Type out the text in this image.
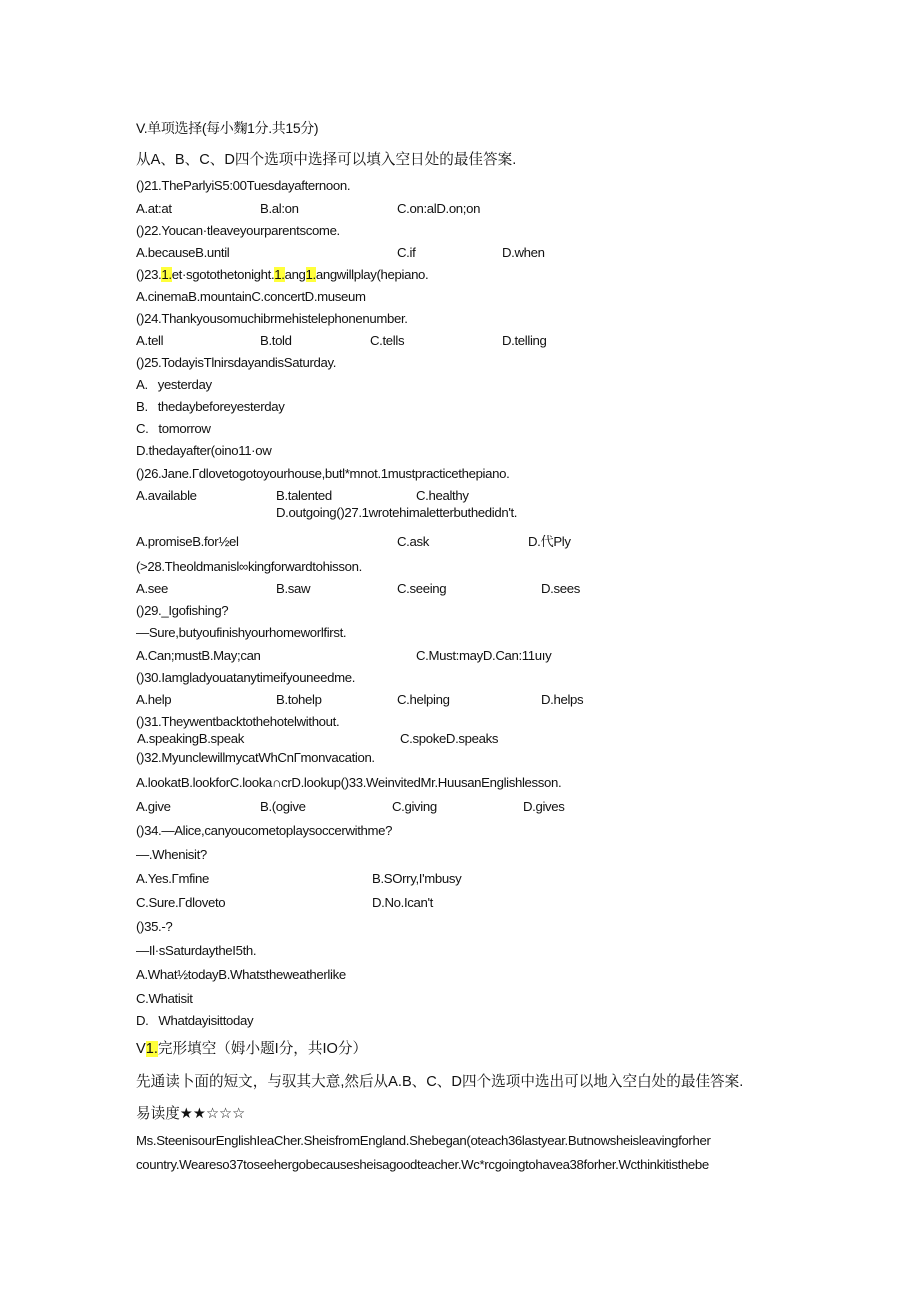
V.单项选择(每小麴1分.共15分)
从A、B、C、D四个选项中选择可以填入空日处的最佳答案.
()21.TheParlyiS5:00Tuesdayafternoon.
A.at:at	B.al:on	C.on:alD.on;on
()22.Youcan·tleaveyourparentscome.
A.becauseB.until	C.if	D.when
()23.1.et·sgotothetonight.1.ang1.angwillplay(hepiano.
A.cinemaB.mountainC.concertD.museum
()24.Thankyousomuchibrmehistelephonenumber.
A.tell	B.told	C.tells	D.telling
()25.TodayisTlnirsdayandisSaturday.
A.   yesterday
B.   thedaybeforeyesterday
C.   tomorrow
D.thedayafter(oino11·ow
()26.Jane.Γdlovetogotoyourhouse,butl*mnot.1mustpracticethepiano.
A.available	B.talented	C.healthy
D.outgoing()27.1wrotehimaletterbuthedidn't.
A.promiseB.for½el	C.ask	D.代Ply
(>28.Theoldmanisl∞kingforwardtohisson.
A.see	B.saw	C.seeing	D.sees
()29._Igofishing?
—Sure,butyoufinishyourhomeworlfirst.
A.Can;mustB.May;can	C.Must:mayD.Can:11uıy
()30.Iamgladyouatanytimeifyouneedme.
A.help	B.tohelp	C.helping	D.helps
()31.Theywentbacktothehotelwithout.
A.speakingB.speak	C.spokeD.speaks
()32.MyunclewillmycatWhCnΓmonvacation.
A.lookatB.lookforC.looka∩crD.lookup()33.WeinvitedMr.HuusanEnglishlesson.
A.give	B.(ogive	C.giving	D.gives
()34.—Alice,canyoucometoplaysoccerwithme?
—.Whenisit?
A.Yes.Γmfine	B.SOrry,I'mbusy
C.Sure.Γdloveto	D.No.Ican't
()35.-?
—Il·sSaturdaytheI5th.
A.What½todayB.Whatstheweatherlike
C.Whatisit
D.   Whatdayisittoday
V1.完形填空（姆小题I分，共IO分）
先通读卜面的短文，与驭其大意,然后从A.B、C、D四个选项中选出可以地入空白处的最佳答案.
易读度★★☆☆☆
Ms.SteenisourEnglishIeaCher.SheisfromEngland.Shebegan(oteach36lastyear.Butnowsheisleavingforher
country.Wearesо37toseehergobecausesheisagoodteacher.Wc*rcgoingtohavea38forher.Wcthinkitisthebe
